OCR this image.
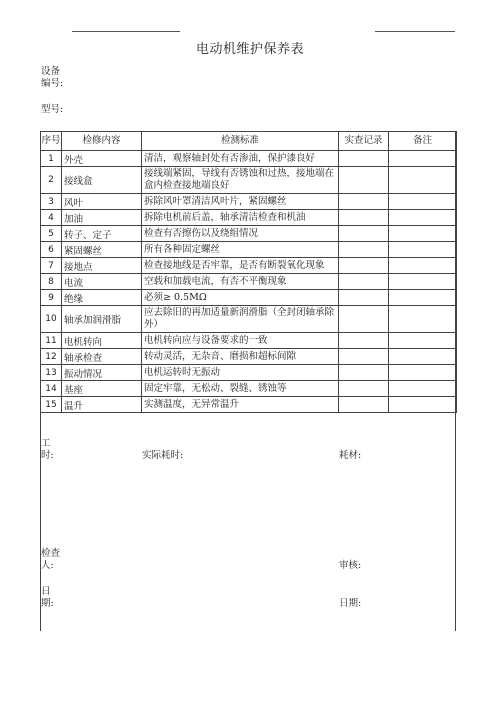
电动机维护保养表
设备编号:
型号:
序号	检修内容	检测标准	实查记录	备注
1	外壳	清洁，观察轴封处有否渗油，保护漆良好		
2	接线盒	接线端紧固，导线有否锈蚀和过热，接地端在盒内检查接地端良好		
3	风叶	拆除风叶罩清洁风叶片，紧固螺丝		
4	加油	拆除电机前后盖，轴承清洁检查和机油		
5	转子、定子	检查有否擦伤以及绕组情况		
6	紧固螺丝	所有各种固定螺丝		
7	接地点	检查接地线是否牢靠，是否有断裂氧化现象		
8	电流	空载和加载电流，有否不平衡现象		
9	绝缘	必须≥ 0.5MΩ		
10	轴承加润滑脂	应去除旧的再加适量新润滑脂（全封闭轴承除外）		
11	电机转向	电机转向应与设备要求的一致		
12	轴承检查	转动灵活，无杂音、磨损和超标间隙		
13	振动情况	电机运转时无振动		
14	基座	固定牢靠，无松动、裂缝、锈蚀等		
15	温升	实测温度，无异常温升		
工时:	实际耗时:	耗材:
检查人:	审核:
日期:	日期:
